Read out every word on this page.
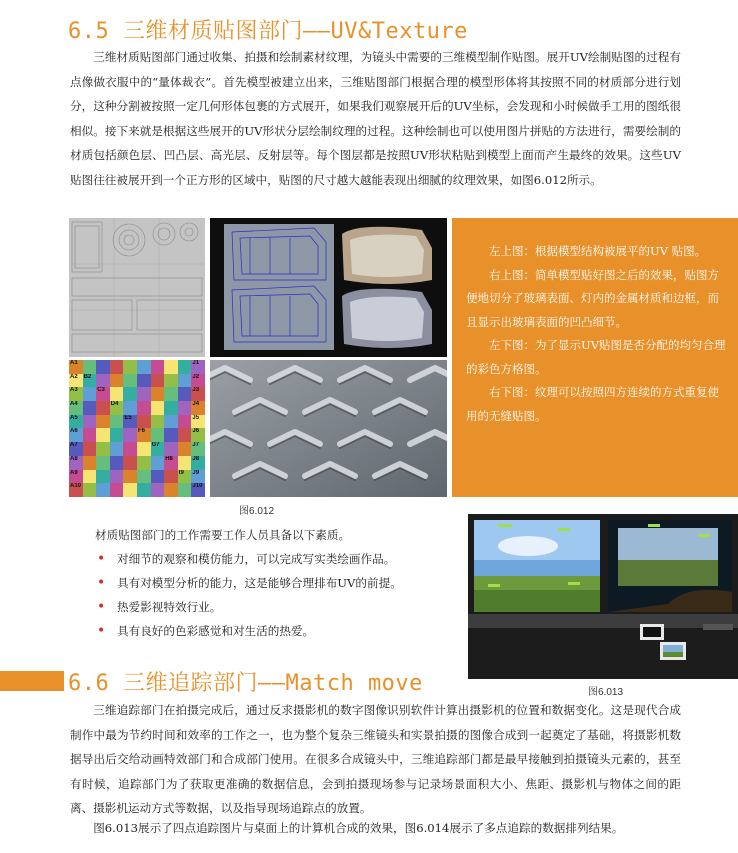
6.5 三维材质贴图部门——UV&Texture
三维材质贴图部门通过收集、拍摄和绘制素材纹理，为镜头中需要的三维模型制作贴图。展开UV绘制贴图的过程有点像做衣服中的“量体裁衣”。首先模型被建立出来，三维贴图部门根据合理的模型形体将其按照不同的材质部分进行划分，这种分割被按照一定几何形体包裹的方式展开，如果我们观察展开后的UV坐标，会发现和小时候做手工用的图纸很相似。接下来就是根据这些展开的UV形状分层绘制纹理的过程。这种绘制也可以使用图片拼贴的方法进行，需要绘制的材质包括颜色层、凹凸层、高光层、反射层等。每个图层都是按照UV形状粘贴到模型上面而产生最终的效果。这些UV贴图往往被展开到一个正方形的区域中，贴图的尺寸越大越能表现出细腻的纹理效果，如图6.012所示。
A1	J1
A2 B2	J2
A3	C3	J3
A4	D4	J4
A5	E5	J5
A6	F6	J6
A7	G7	J7
A8	H8	J8
A9	I9	J9
A10	J10

左上图：根据模型结构被展平的UV 贴图。

右上图：简单模型贴好图之后的效果，贴图方便地切分了玻璃表面、灯内的金属材质和边框，而且显示出玻璃表面的凹凸细节。

左下图：为了显示UV贴图是否分配的均匀合理的彩色方格图。

右下图：纹理可以按照四方连续的方式重复使用的无缝贴图。

图6.012
材质贴图部门的工作需要工作人员具备以下素质。
• 对细节的观察和模仿能力，可以完成写实类绘画作品。
• 具有对模型分析的能力，这是能够合理排布UV的前提。
• 热爱影视特效行业。
• 具有良好的色彩感觉和对生活的热爱。
图6.013
6.6 三维追踪部门——Match move
三维追踪部门在拍摄完成后，通过反求摄影机的数字图像识别软件计算出摄影机的位置和数据变化。这是现代合成制作中最为节约时间和效率的工作之一，也为整个复杂三维镜头和实景拍摄的图像合成到一起奠定了基础，将摄影机数据导出后交给动画特效部门和合成部门使用。在很多合成镜头中，三维追踪部门都是最早接触到拍摄镜头元素的，甚至有时候，追踪部门为了获取更准确的数据信息，会到拍摄现场参与记录场景面积大小、焦距、摄影机与物体之间的距离、摄影机运动方式等数据，以及指导现场追踪点的放置。
图6.013展示了四点追踪图片与桌面上的计算机合成的效果，图6.014展示了多点追踪的数据排列结果。
